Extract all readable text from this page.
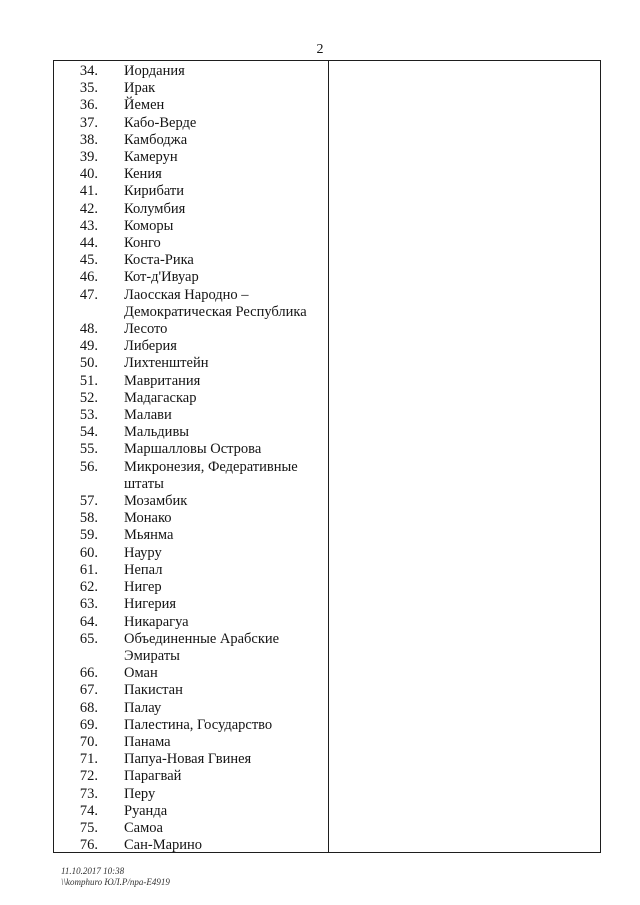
2
34. Иордания
35. Ирак
36. Йемен
37. Кабо-Верде
38. Камбоджа
39. Камерун
40. Кения
41. Кирибати
42. Колумбия
43. Коморы
44. Конго
45. Коста-Рика
46. Кот-д'Ивуар
47. Лаосская Народно – Демократическая Республика
48. Лесото
49. Либерия
50. Лихтенштейн
51. Мавритания
52. Мадагаскар
53. Малави
54. Мальдивы
55. Маршалловы Острова
56. Микронезия, Федеративные штаты
57. Мозамбик
58. Монако
59. Мьянма
60. Науру
61. Непал
62. Нигер
63. Нигерия
64. Никарагуа
65. Объединенные Арабские Эмираты
66. Оман
67. Пакистан
68. Палау
69. Палестина, Государство
70. Панама
71. Папуа-Новая Гвинея
72. Парагвай
73. Перу
74. Руанда
75. Самоа
76. Сан-Марино
11.10.2017 10:38
\\komphuro ЮЛ.Р/пра-Е4919
